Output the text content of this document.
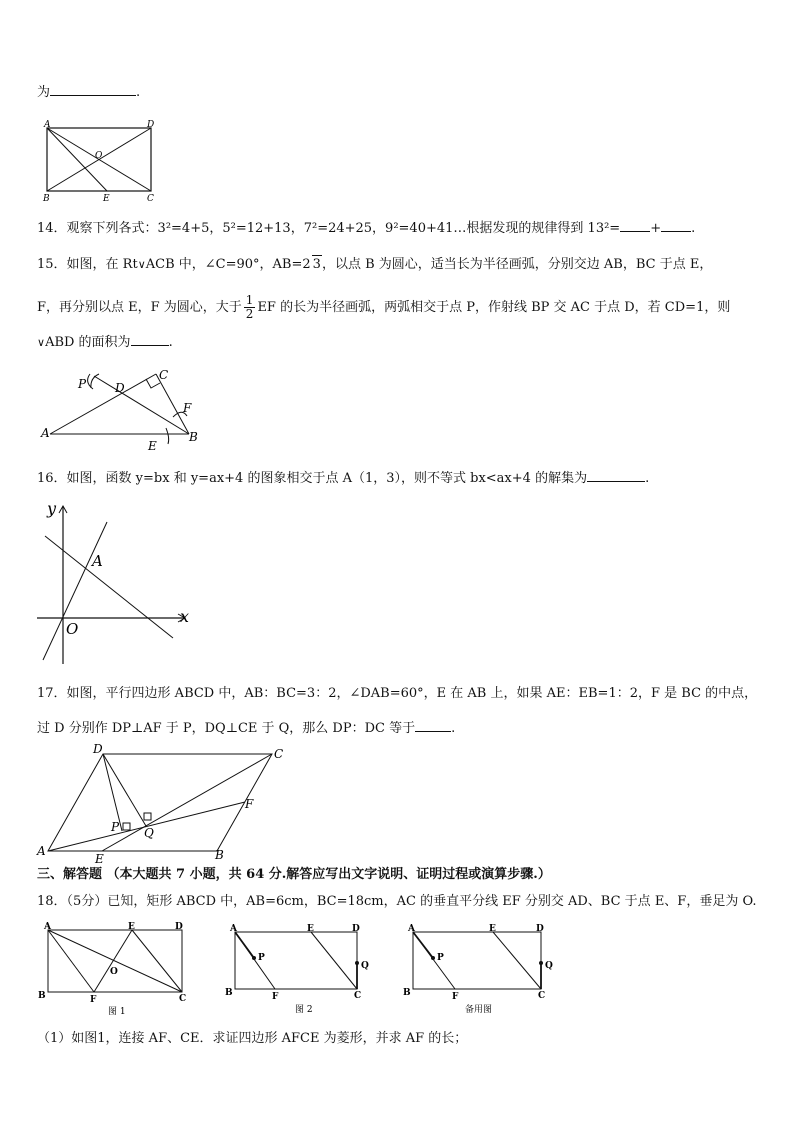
为	.
A	D
O
B	E	C
14．观察下列各式：3²=4+5，5²=12+13，7²=24+25，9²=40+41…根据发现的规律得到 13²= + .
15．如图，在 Rt∨ACB 中，∠C=90°，AB=2 3，以点 B 为圆心，适当长为半径画弧，分别交边 AB，BC 于点 E，
F，再分别以点 E，F 为圆心，大于 $\frac{1}{2}$ EF 的长为半径画弧，两弧相交于点 P，作射线 BP 交 AC 于点 D，若 CD=1，则
∨ABD 的面积为	.
P D
C
F
A
E
B
16．如图，函数 y=bx 和 y=ax+4 的图象相交于点 A（1，3），则不等式 bx<ax+4 的解集为	.
y
A
x
O
17．如图，平行四边形 ABCD 中，AB：BC=3：2，∠DAB=60°，E 在 AB 上，如果 AE：EB=1：2，F 是 BC 的中点，
过 D 分别作 DP⊥AF 于 P，DQ⊥CE 于 Q，那么 DP：DC 等于	.
D	C
F
P Q
A
E	B
三、解答题 （本大题共 7 小题，共 64 分.解答应写出文字说明、证明过程或演算步骤.）
18．（5分）已知，矩形 ABCD 中，AB=6cm，BC=18cm，AC 的垂直平分线 EF 分别交 AD、BC 于点 E、F，垂足为 O.
A	E	D
O
B	F	C
图 1
A	E	D
P
Q
B	F	C
图 2
A	E	D
P
Q
B	F	C
备用图
（1）如图1，连接 AF、CE．求证四边形 AFCE 为菱形，并求 AF 的长；
